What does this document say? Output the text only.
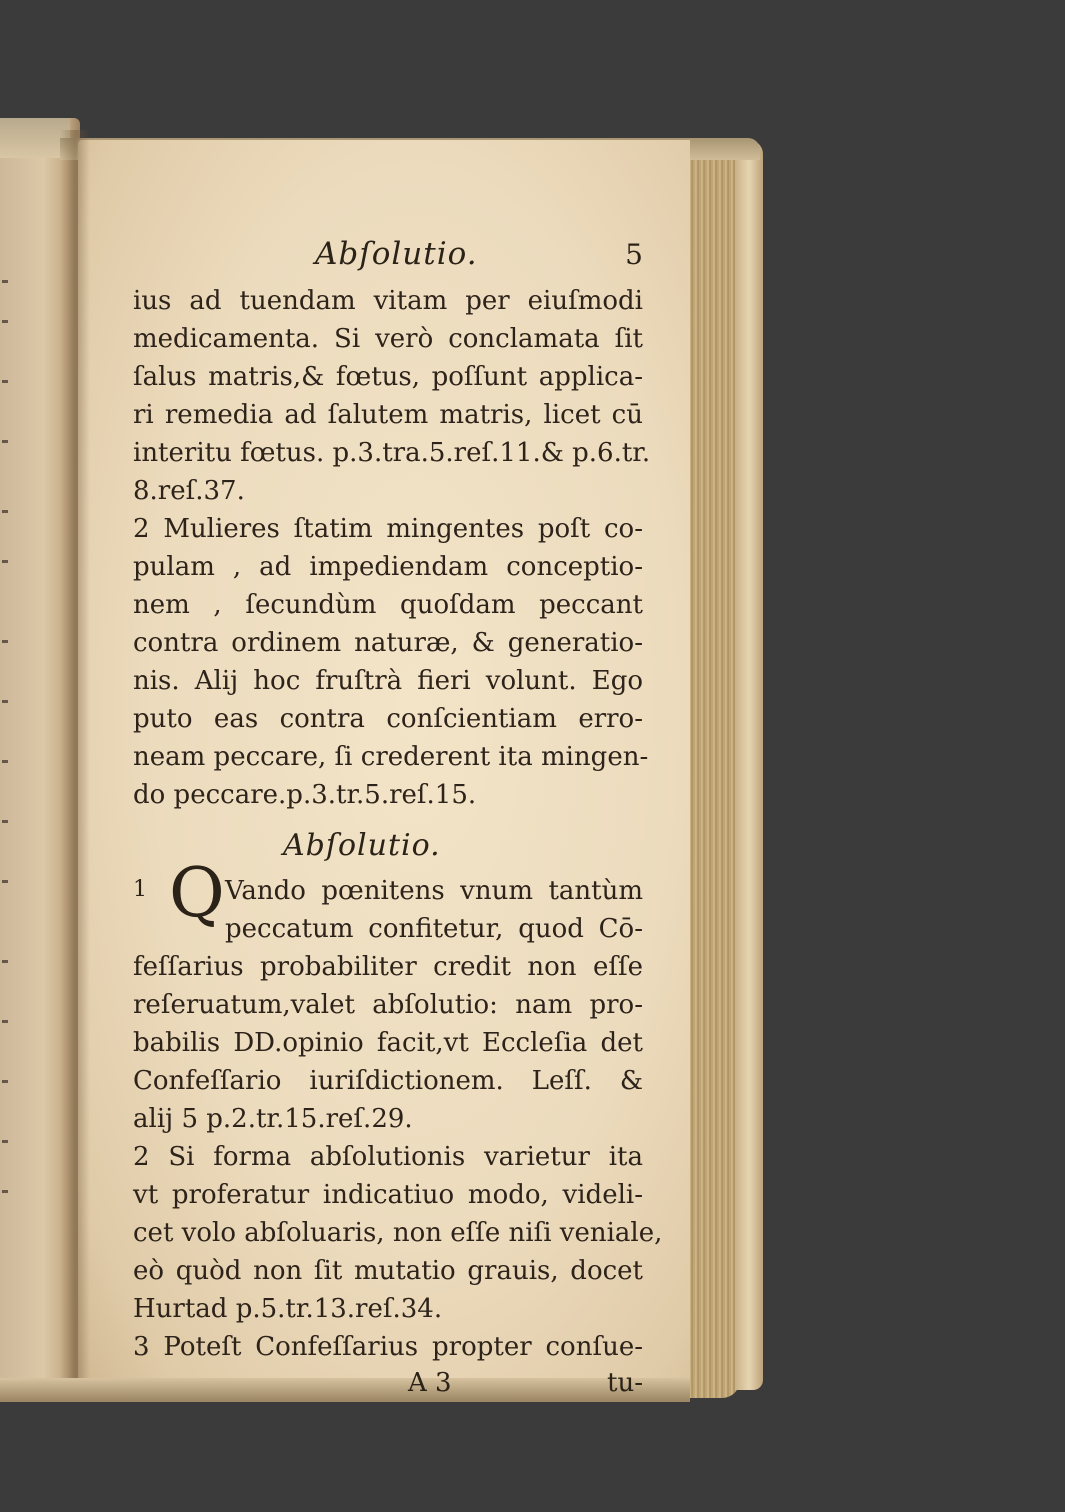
Abſolutio.	5
ius ad tuendam vitam per eiuſmodi
medicamenta. Si verò conclamata ſit
ſalus matris,& fœtus, poſſunt applica-
ri remedia ad ſalutem matris, licet cū
interitu fœtus. p.3.tra.5.reſ.11.& p.6.tr.
8.reſ.37.
2 Mulieres ſtatim mingentes poſt co-
pulam , ad impediendam conceptio-
nem , ſecundùm quoſdam peccant
contra ordinem naturæ, & generatio-
nis. Alij hoc fruſtrà fieri volunt. Ego
puto eas contra conſcientiam erro-
neam peccare, ſi crederent ita mingen-
do peccare.p.3.tr.5.reſ.15.
Abſolutio.
1 Q Vando pœnitens vnum tantùm
peccatum confitetur, quod Cō-
feſſarius probabiliter credit non eſſe
reſeruatum,valet abſolutio: nam pro-
babilis DD.opinio facit,vt Eccleſia det
Confeſſario iuriſdictionem. Leſſ. &
alij 5 p.2.tr.15.reſ.29.
2 Si forma abſolutionis varietur ita
vt proferatur indicatiuo modo, videli-
cet volo abſoluaris, non eſſe niſi veniale,
eò quòd non ſit mutatio grauis, docet
Hurtad p.5.tr.13.reſ.34.
3 Poteſt Confeſſarius propter conſue-
A 3	tu-
